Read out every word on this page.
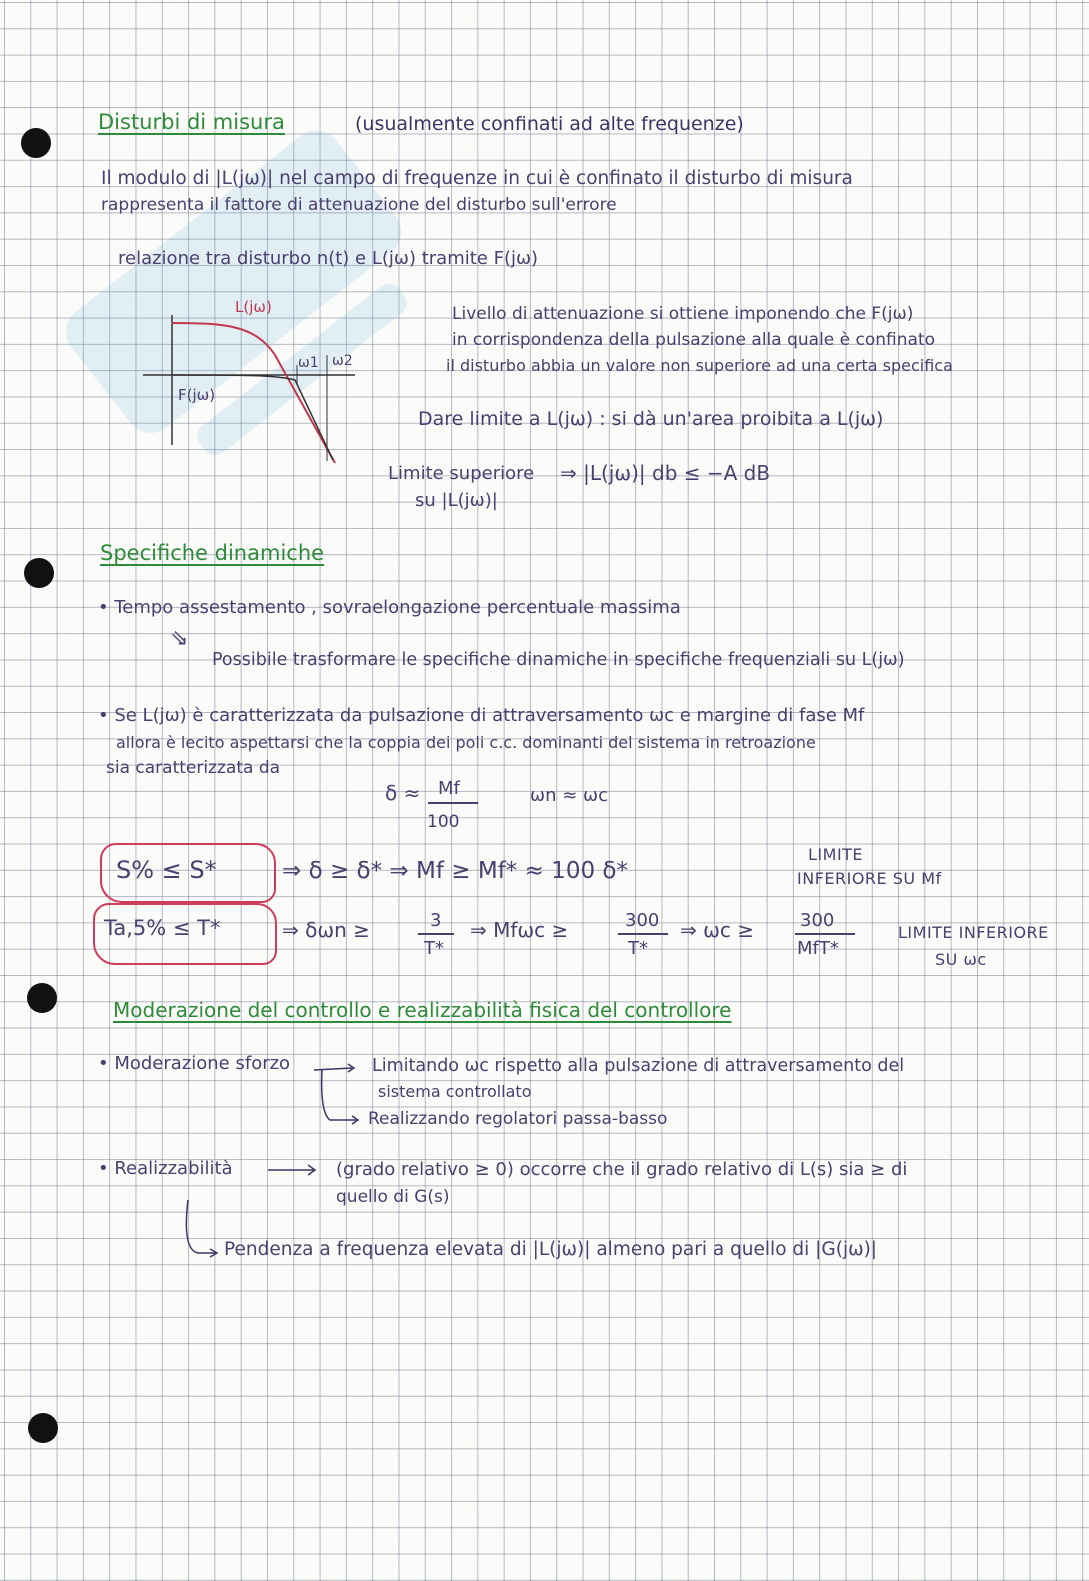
Disturbi di misura	(usualmente confinati ad alte frequenze)
Il modulo di |L(jω)| nel campo di frequenze in cui è confinato il disturbo di misura
rappresenta il fattore di attenuazione del disturbo sull'errore
relazione tra disturbo n(t) e L(jω) tramite F(jω)
L(jω)
F(jω)
ω1 ω2
Livello di attenuazione si ottiene imponendo che F(jω)
in corrispondenza della pulsazione alla quale è confinato
il disturbo abbia un valore non superiore ad una certa specifica
Dare limite a L(jω) : si dà un'area proibita a L(jω)
Limite superiore
su |L(jω)|
⇒ |L(jω)| db ≤ −A dB
Specifiche dinamiche
• Tempo assestamento , sovraelongazione percentuale massima
⇘
Possibile trasformare le specifiche dinamiche in specifiche frequenziali su L(jω)
• Se L(jω) è caratterizzata da pulsazione di attraversamento ωc e margine di fase Mf
allora è lecito aspettarsi che la coppia dei poli c.c. dominanti del sistema in retroazione
sia caratterizzata da
δ ≈ Mf
100
ωn ≈ ωc
S% ≤ S*	⇒ δ ≥ δ* ⇒ Mf ≥ Mf* ≈ 100 δ*
LIMITE
INFERIORE SU Mf
Ta,5% ≤ T*	⇒ δωn ≥	3
T*
⇒ Mfωc ≥	300
T*
⇒ ωc ≥	300
MfT*
LIMITE INFERIORE
SU ωc
Moderazione del controllo e realizzabilità fisica del controllore
• Moderazione sforzo	Limitando ωc rispetto alla pulsazione di attraversamento del
sistema controllato
Realizzando regolatori passa-basso
• Realizzabilità	(grado relativo ≥ 0) occorre che il grado relativo di L(s) sia ≥ di
quello di G(s)
Pendenza a frequenza elevata di |L(jω)| almeno pari a quello di |G(jω)|
